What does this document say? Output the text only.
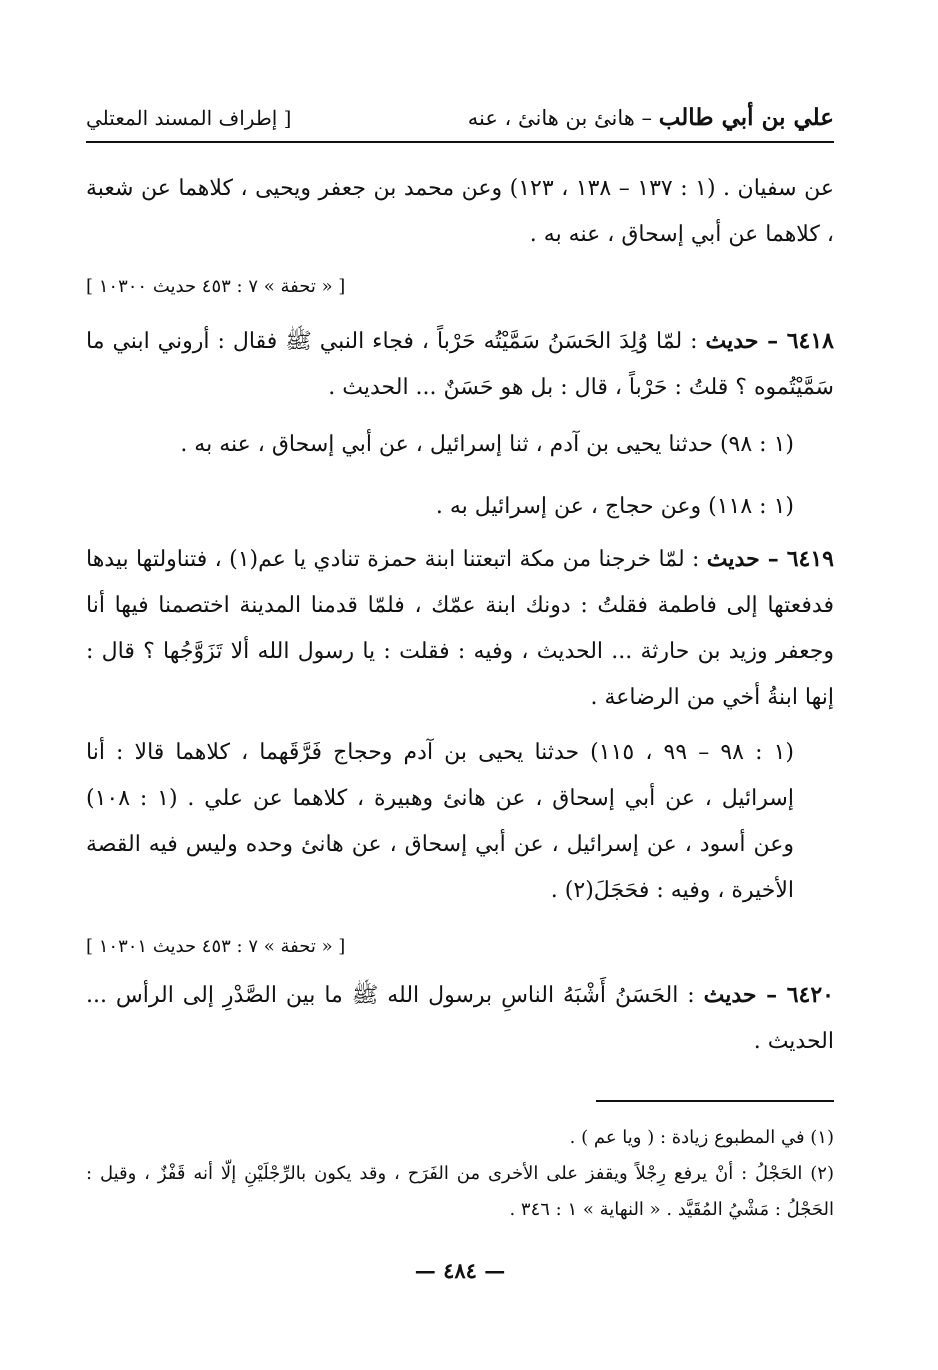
علي بن أبي طالب – هانئ بن هانئ ، عنه
[ إطراف المسند المعتلي

عن سفيان . (١ : ١٣٧ – ١٣٨ ، ١٢٣) وعن محمد بن جعفر ويحيى ، كلاهما عن شعبة ، كلاهما عن أبي إسحاق ، عنه به .

[ « تحفة » ٧ : ٤٥٣ حديث ١٠٣٠٠ ]

٦٤١٨ – حديث : لمّا وُلِدَ الحَسَنُ سَمَّيْتُه حَرْباً ، فجاء النبي ﷺ فقال : أروني ابني ما سَمَّيْتُموه ؟ قلتُ : حَرْباً ، قال : بل هو حَسَنٌ ... الحديث .

(١ : ٩٨) حدثنا يحيى بن آدم ، ثنا إسرائيل ، عن أبي إسحاق ، عنه به .

(١ : ١١٨) وعن حجاج ، عن إسرائيل به .

٦٤١٩ – حديث : لمّا خرجنا من مكة اتبعتنا ابنة حمزة تنادي يا عم(١) ، فتناولتها بيدها فدفعتها إلى فاطمة فقلتُ : دونك ابنة عمّك ، فلمّا قدمنا المدينة اختصمنا فيها أنا وجعفر وزيد بن حارثة ... الحديث ، وفيه : فقلت : يا رسول الله ألا تَزَوَّجُها ؟ قال : إنها ابنةُ أخي من الرضاعة .

(١ : ٩٨ – ٩٩ ، ١١٥) حدثنا يحيى بن آدم وحجاج فَرَّقَهما ، كلاهما قالا : أنا إسرائيل ، عن أبي إسحاق ، عن هانئ وهبيرة ، كلاهما عن علي . (١ : ١٠٨) وعن أسود ، عن إسرائيل ، عن أبي إسحاق ، عن هانئ وحده وليس فيه القصة الأخيرة ، وفيه : فحَجَلَ(٢) .

[ « تحفة » ٧ : ٤٥٣ حديث ١٠٣٠١ ]

٦٤٢٠ – حديث : الحَسَنُ أَشْبَهُ الناسِ برسول الله ﷺ ما بين الصَّدْرِ إلى الرأس ... الحديث .

(١) في المطبوع زيادة : ( ويا عم ) .

(٢) الحَجْلُ : أنْ يرفع رِجْلاً ويقفز على الأخرى من الفَرَح ، وقد يكون بالرِّجْلَيْنِ إلّا أنه قَفْزٌ ، وقيل : الحَجْلُ : مَشْيُ المُقَيَّد . « النهاية » ١ : ٣٤٦ .

— ٤٨٤ —
